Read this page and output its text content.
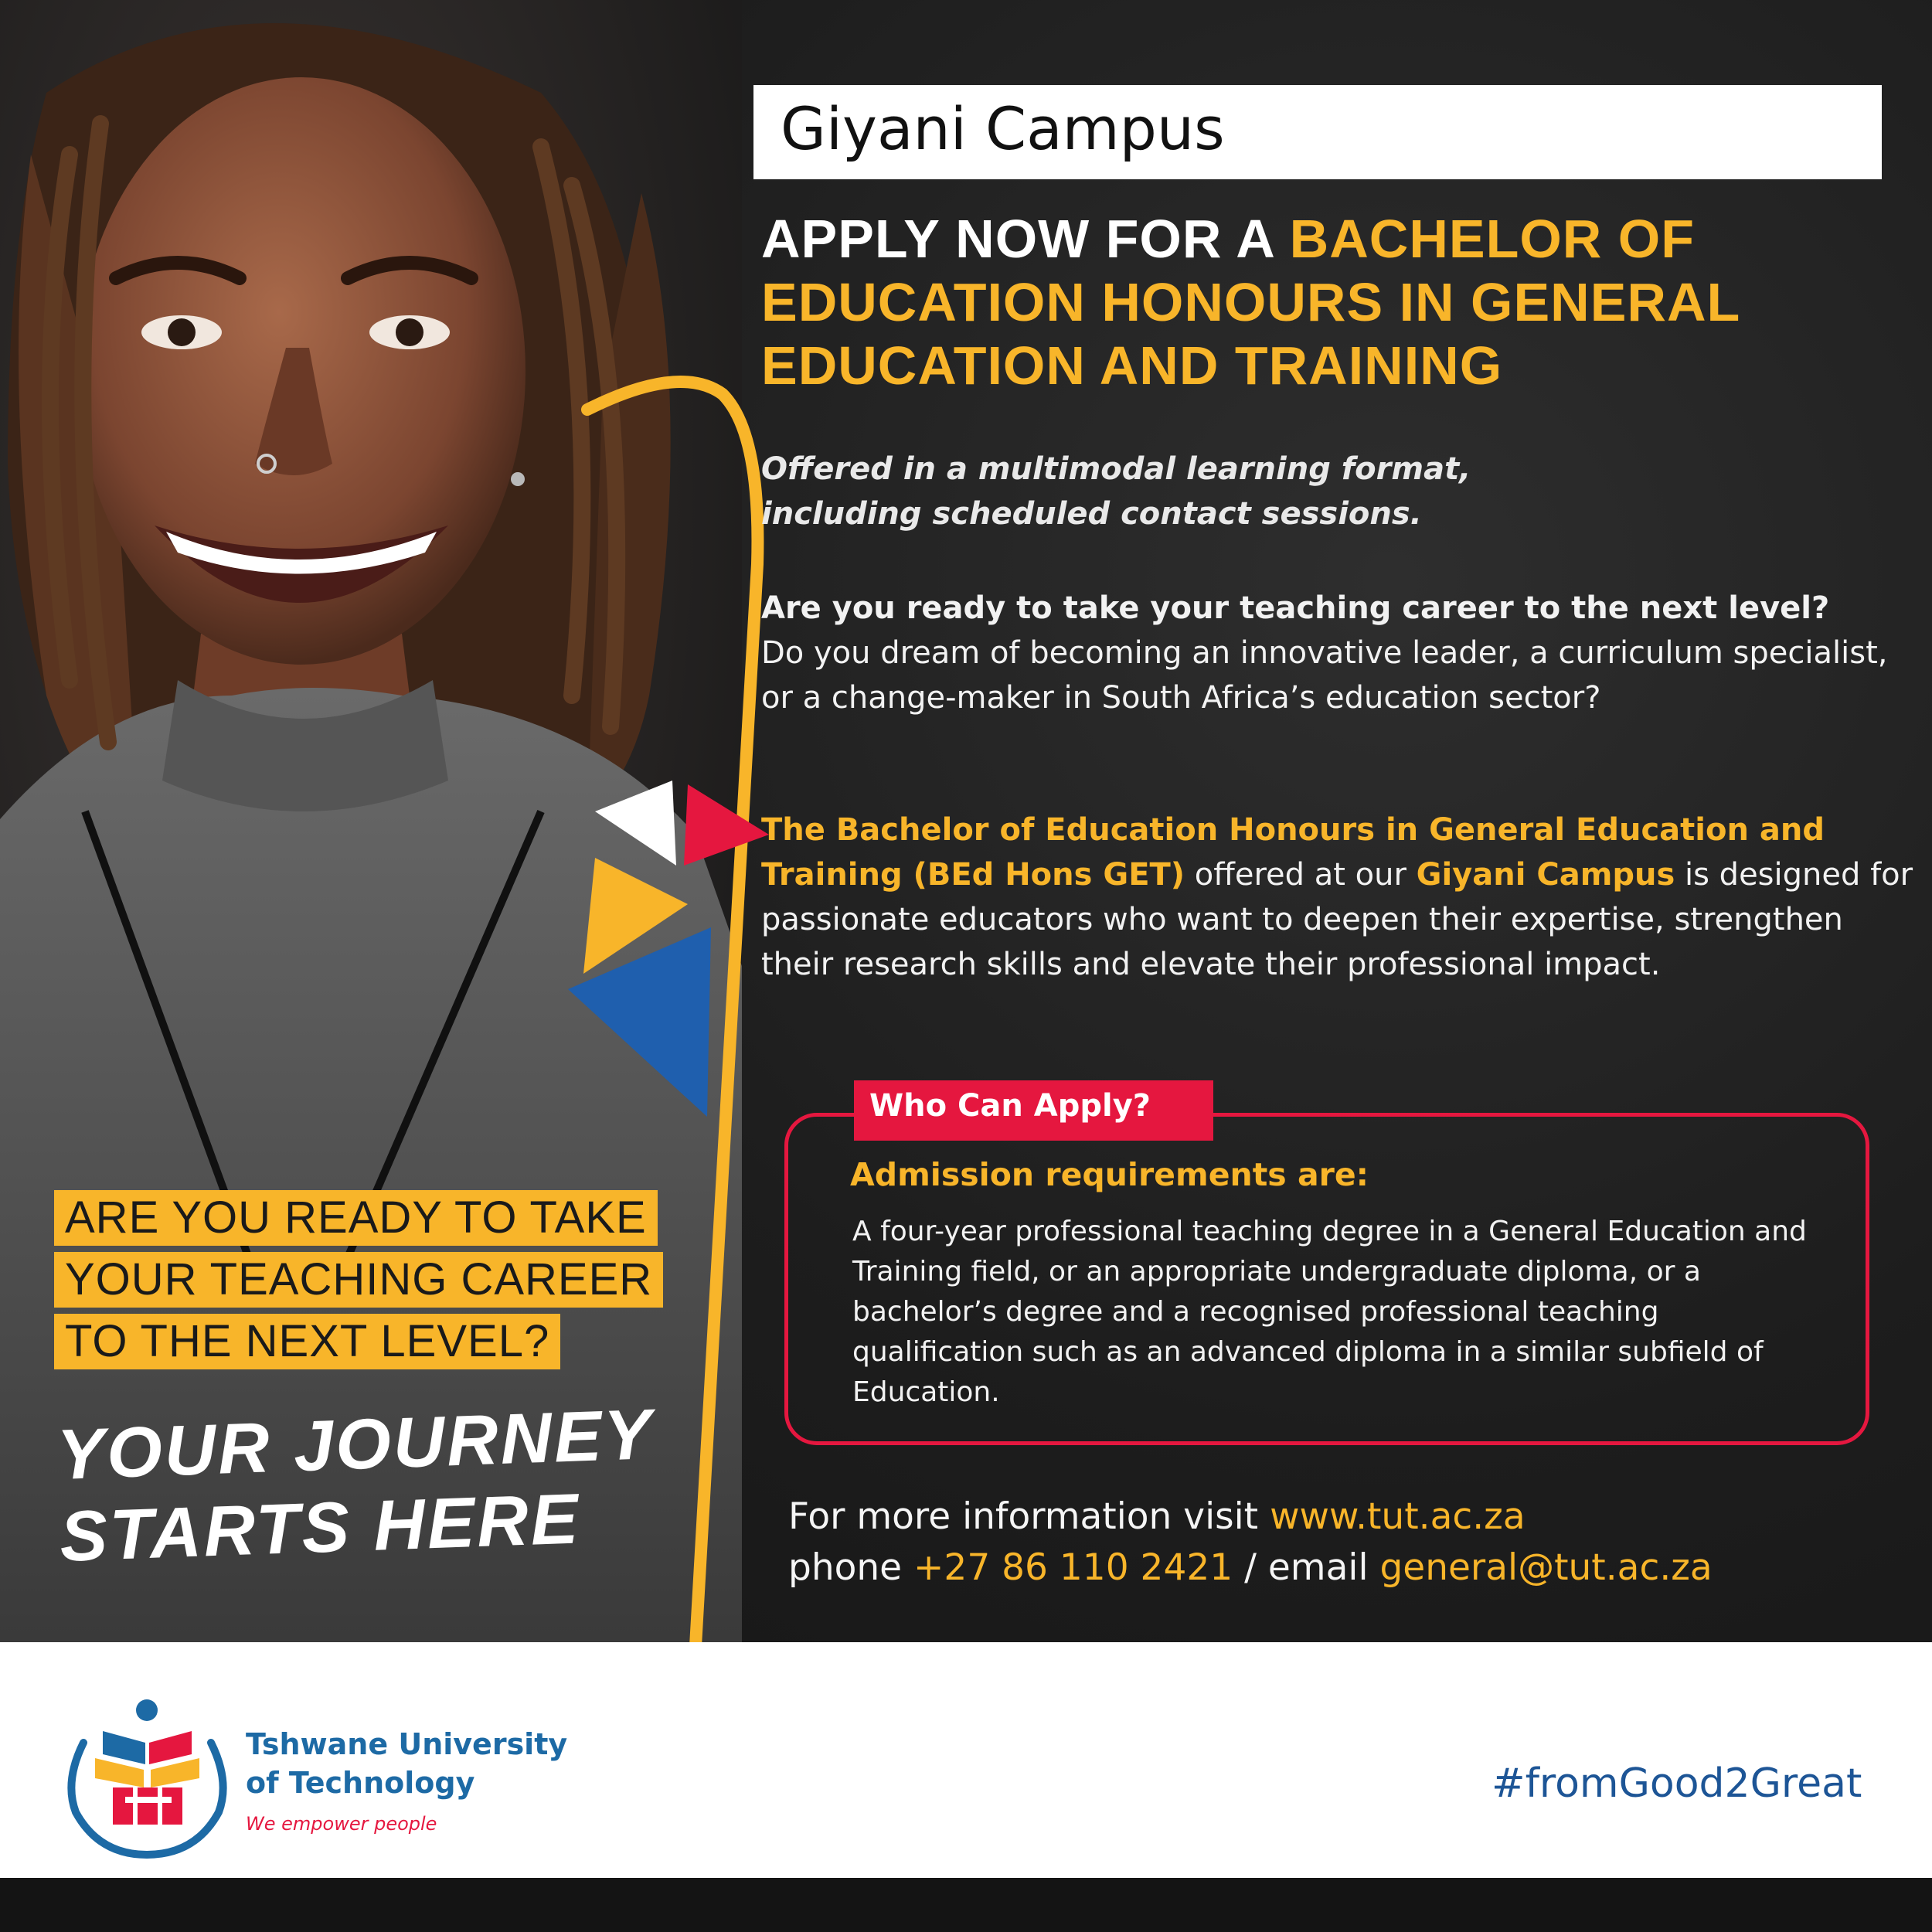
Giyani Campus
APPLY NOW FOR A BACHELOR OF EDUCATION HONOURS IN GENERAL EDUCATION AND TRAINING
Offered in a multimodal learning format,
including scheduled contact sessions.
Are you ready to take your teaching career to the next level?
Do you dream of becoming an innovative leader, a curriculum specialist, or a change-maker in South Africa’s education sector?
The Bachelor of Education Honours in General Education and Training (BEd Hons GET) offered at our Giyani Campus is designed for passionate educators who want to deepen their expertise, strengthen their research skills and elevate their professional impact.
Who Can Apply?
Admission requirements are:
A four-year professional teaching degree in a General Education and Training field, or an appropriate undergraduate diploma, or a bachelor’s degree and a recognised professional teaching qualification such as an advanced diploma in a similar subfield of Education.
For more information visit www.tut.ac.za
phone +27 86 110 2421 / email general@tut.ac.za
ARE YOU READY TO TAKE
YOUR TEACHING CAREER
TO THE NEXT LEVEL?
YOUR JOURNEY
STARTS HERE
Tshwane University
of Technology
We empower people
#fromGood2Great
